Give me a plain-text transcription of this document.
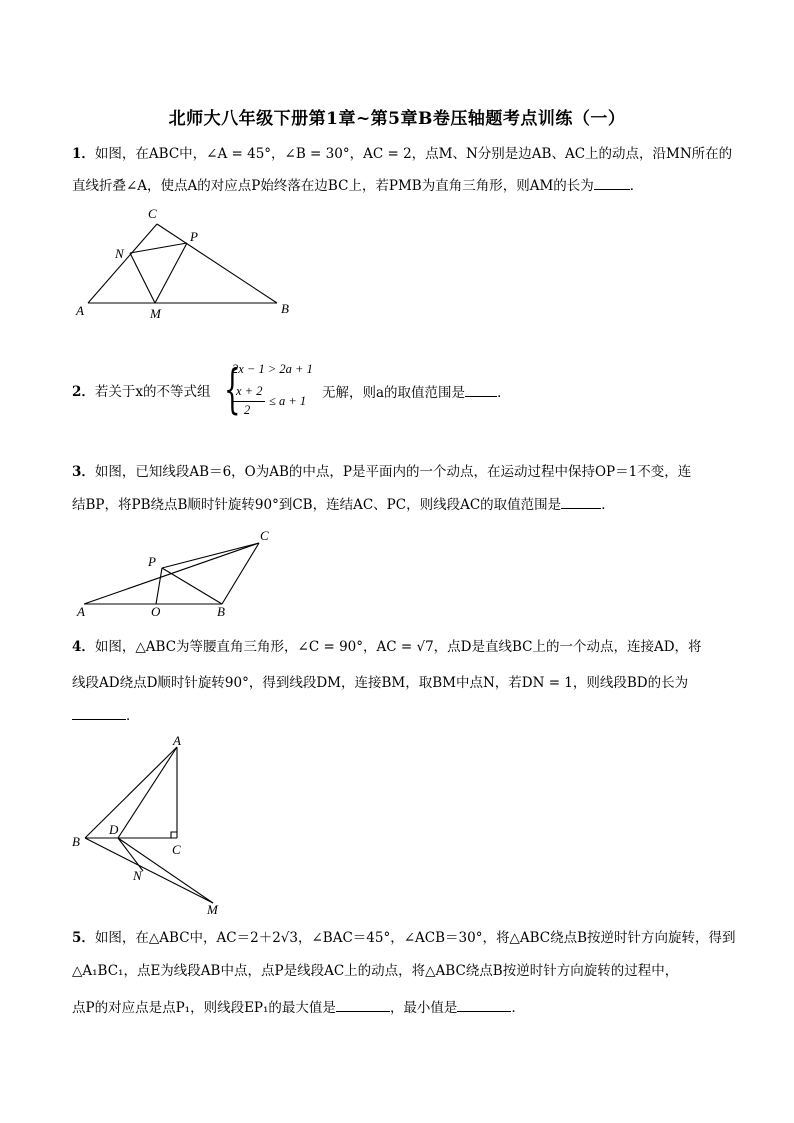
北师大八年级下册第1章~第5章B卷压轴题考点训练（一）
1．如图，在ABC中，∠A = 45°，∠B = 30°，AC = 2，点M、N分别是边AB、AC上的动点，沿MN所在的
直线折叠∠A，使点A的对应点P始终落在边BC上，若PMB为直角三角形，则AM的长为	．
C
P
N
A	M	B
2．若关于x的不等式组 {
2x − 1 > 2a + 1
x + 2
2
≤ a + 1 无解，则a的取值范围是 ．
3．如图，已知线段AB＝6，O为AB的中点，P是平面内的一个动点，在运动过程中保持OP＝1不变，连
结BP，将PB绕点B顺时针旋转90°到CB，连结AC、PC，则线段AC的取值范围是	．
C
P
A	O	B
4．如图，△ABC为等腰直角三角形，∠C = 90°，AC = √7，点D是直线BC上的一个动点，连接AD，将
线段AD绕点D顺时针旋转90°，得到线段DM，连接BM，取BM中点N，若DN = 1，则线段BD的长为
．
A
B
D
C
N
M
5．如图，在△ABC中，AC＝2＋2√3，∠BAC＝45°，∠ACB＝30°，将△ABC绕点B按逆时针方向旋转，得到
△A₁BC₁，点E为线段AB中点，点P是线段AC上的动点，将△ABC绕点B按逆时针方向旋转的过程中，
点P的对应点是点P₁，则线段EP₁的最大值是	，最小值是	．
